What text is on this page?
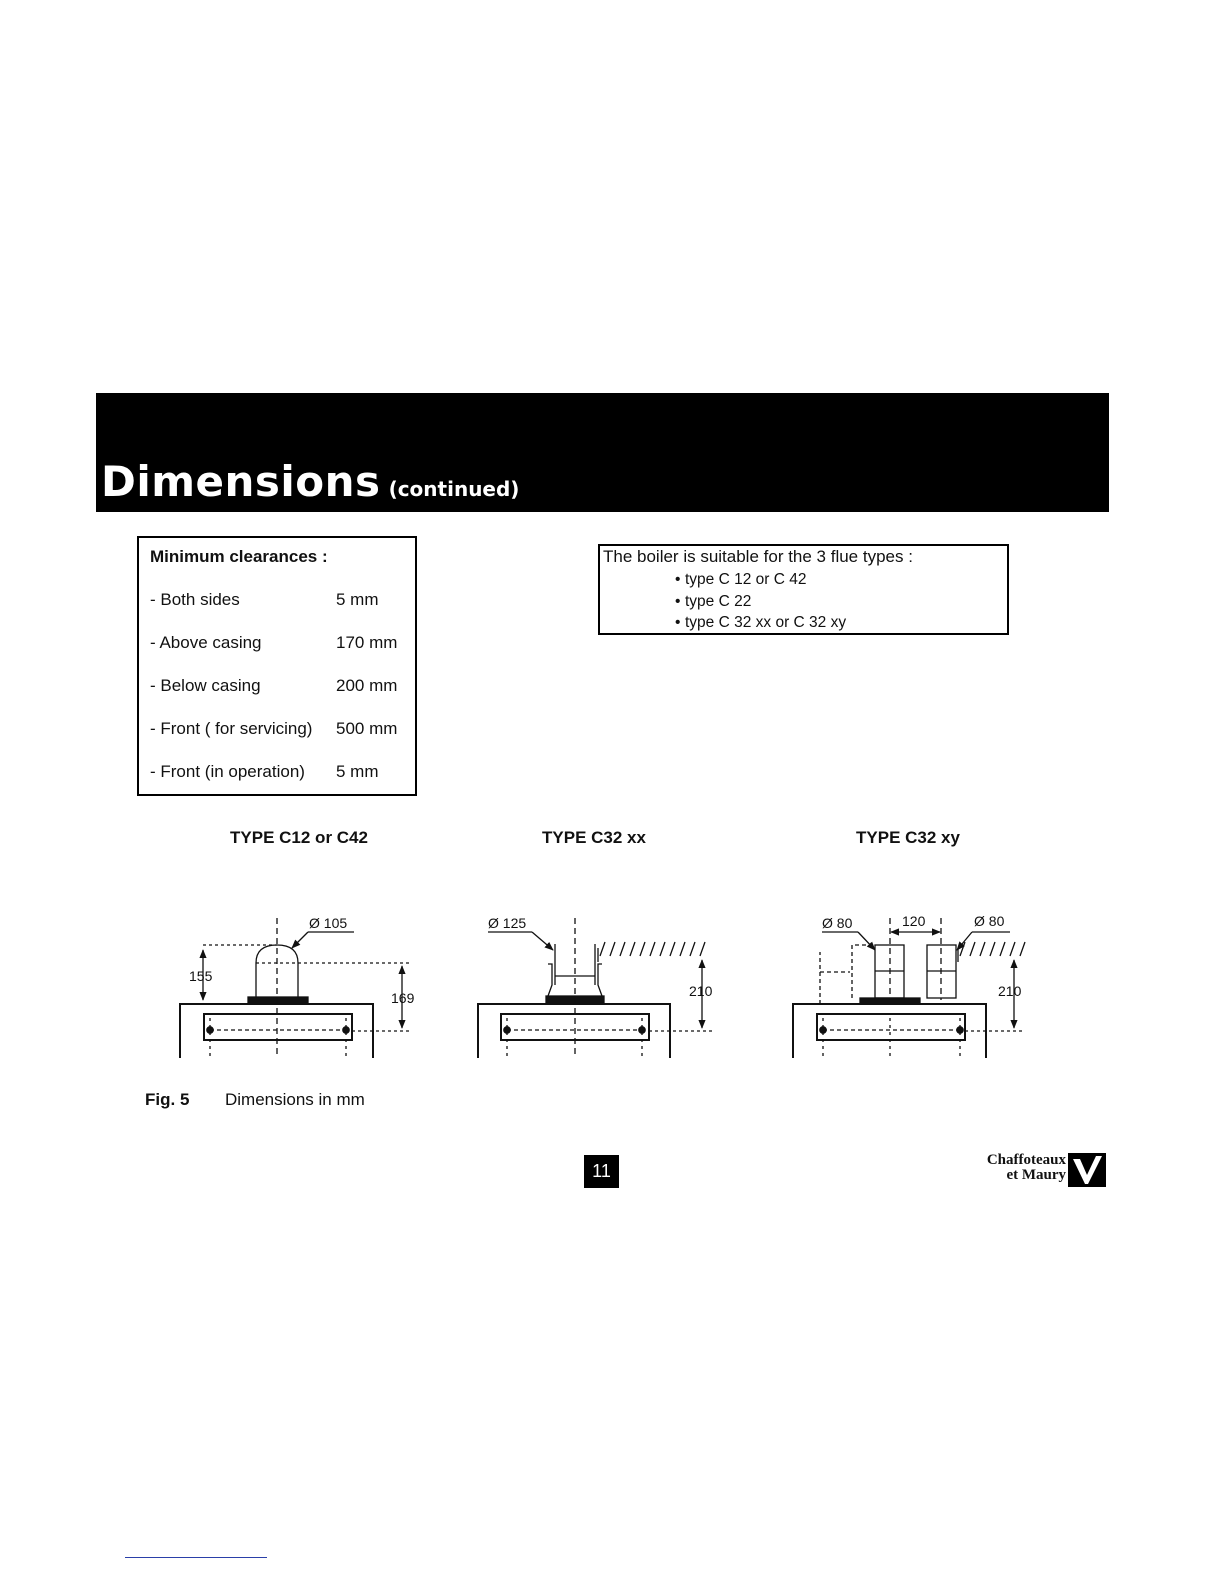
Dimensions (continued)
Minimum clearances :
- Both sides	5 mm
- Above casing	170 mm
- Below casing	200 mm
- Front ( for servicing) 500 mm
- Front (in operation) 5 mm
The boiler is suitable for the 3 flue types :
• type C 12 or C 42
• type C 22
• type C 32 xx or C 32 xy
TYPE C12 or C42	TYPE C32 xx	TYPE C32 xy
Ø 105
155
169
Ø 125
210
Ø 80	120	Ø 80
210
Fig. 5 Dimensions in mm
11
Chaffoteaux
et Maury
